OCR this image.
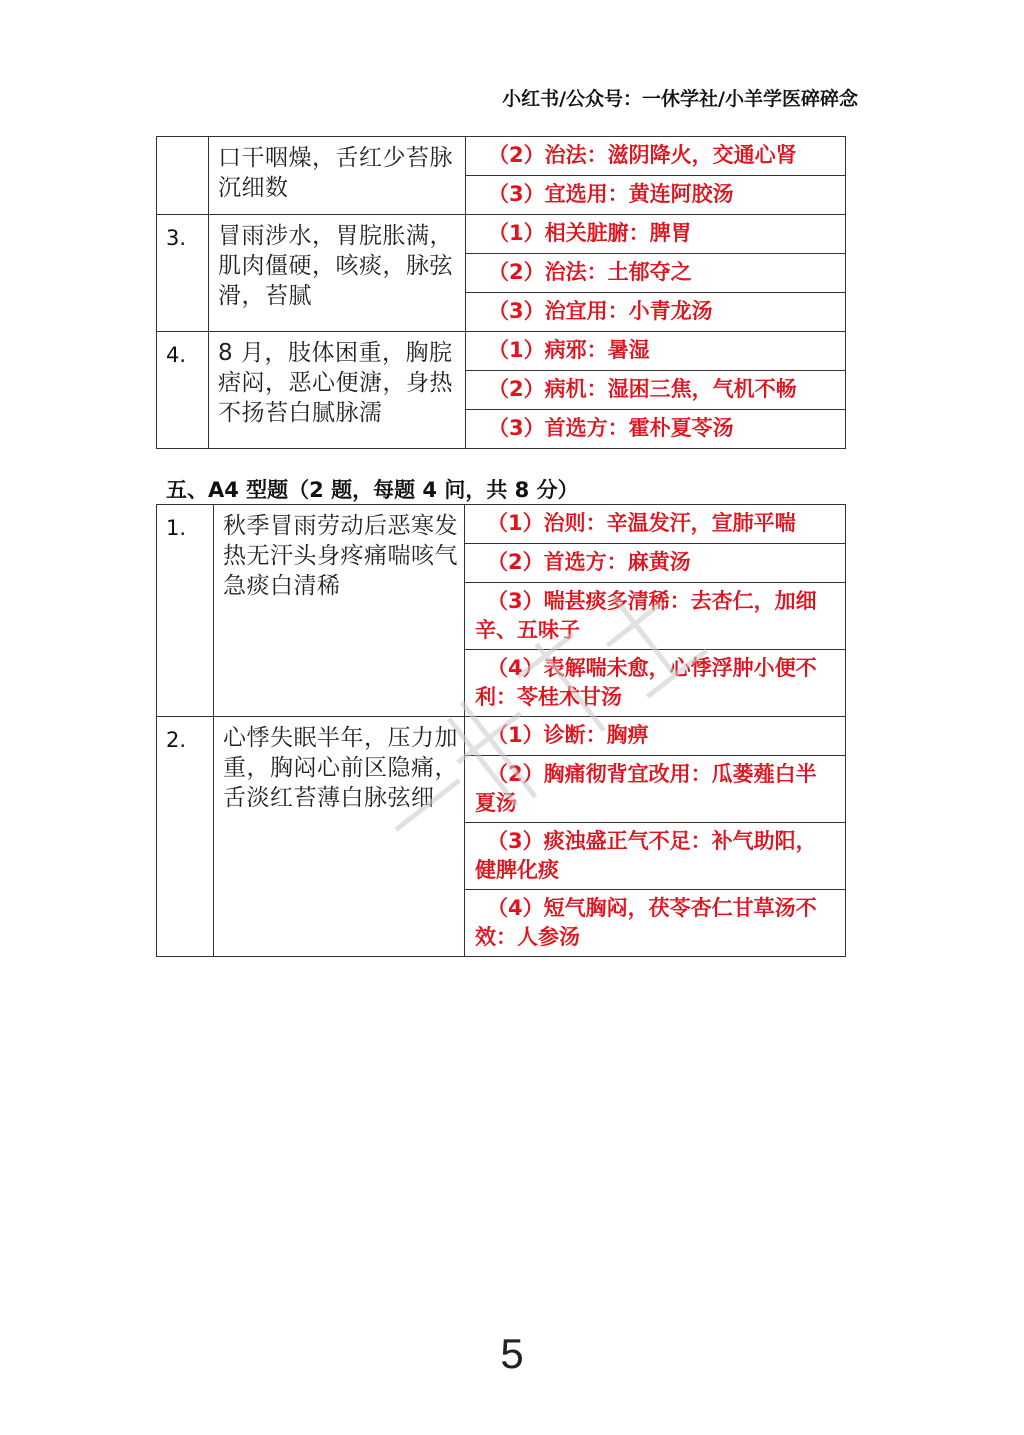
小红书/公众号：一休学社/小羊学医碎碎念
	口干咽燥，舌红少苔脉沉细数	（2）治法：滋阴降火，交通心肾
		（3）宜选用：黄连阿胶汤
3.	冒雨涉水，胃脘胀满，肌肉僵硬，咳痰，脉弦滑，苔腻	（1）相关脏腑：脾胃
		（2）治法：土郁夺之
		（3）治宜用：小青龙汤
4.	8 月，肢体困重，胸脘痞闷，恶心便溏，身热不扬苔白腻脉濡	（1）病邪：暑湿
		（2）病机：湿困三焦，气机不畅
		（3）首选方：霍朴夏苓汤
五、A4 型题（2 题，每题 4 问，共 8 分）
1.	秋季冒雨劳动后恶寒发热无汗头身疼痛喘咳气急痰白清稀	（1）治则：辛温发汗，宣肺平喘
		（2）首选方：麻黄汤
		（3）喘甚痰多清稀：去杏仁，加细辛、五味子
		（4）表解喘未愈，心悸浮肿小便不利：苓桂术甘汤
2.	心悸失眠半年，压力加重，胸闷心前区隐痛，舌淡红苔薄白脉弦细	（1）诊断：胸痹
		（2）胸痛彻背宜改用：瓜蒌薤白半夏汤
		（3）痰浊盛正气不足：补气助阳，健脾化痰
		（4）短气胸闷，茯苓杏仁甘草汤不效：人参汤
5
